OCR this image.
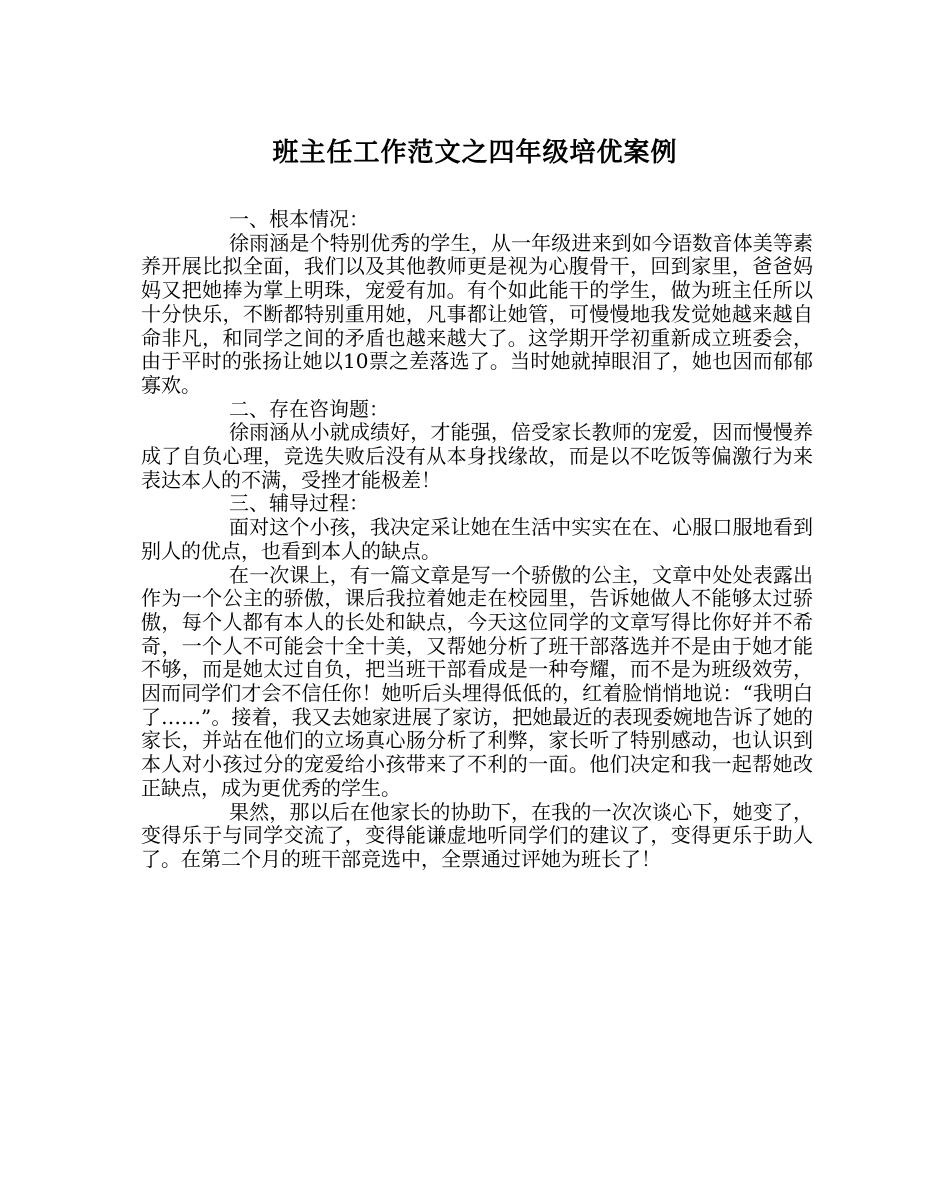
班主任工作范文之四年级培优案例

一、根本情况：

徐雨涵是个特别优秀的学生，从一年级进来到如今语数音体美等素养开展比拟全面，我们以及其他教师更是视为心腹骨干，回到家里，爸爸妈妈又把她捧为掌上明珠，宠爱有加。有个如此能干的学生，做为班主任所以十分快乐，不断都特别重用她，凡事都让她管，可慢慢地我发觉她越来越自命非凡，和同学之间的矛盾也越来越大了。这学期开学初重新成立班委会，由于平时的张扬让她以10票之差落选了。当时她就掉眼泪了，她也因而郁郁寡欢。

二、存在咨询题：

徐雨涵从小就成绩好，才能强，倍受家长教师的宠爱，因而慢慢养成了自负心理，竞选失败后没有从本身找缘故，而是以不吃饭等偏激行为来表达本人的不满，受挫才能极差！

三、辅导过程：

面对这个小孩，我决定采让她在生活中实实在在、心服口服地看到别人的优点，也看到本人的缺点。

在一次课上，有一篇文章是写一个骄傲的公主，文章中处处表露出作为一个公主的骄傲，课后我拉着她走在校园里，告诉她做人不能够太过骄傲，每个人都有本人的长处和缺点，今天这位同学的文章写得比你好并不希奇，一个人不可能会十全十美，又帮她分析了班干部落选并不是由于她才能不够，而是她太过自负，把当班干部看成是一种夸耀，而不是为班级效劳，因而同学们才会不信任你！她听后头埋得低低的，红着脸悄悄地说：“我明白了……”。接着，我又去她家进展了家访，把她最近的表现委婉地告诉了她的家长，并站在他们的立场真心肠分析了利弊，家长听了特别感动，也认识到本人对小孩过分的宠爱给小孩带来了不利的一面。他们决定和我一起帮她改正缺点，成为更优秀的学生。

果然，那以后在他家长的协助下，在我的一次次谈心下，她变了，变得乐于与同学交流了，变得能谦虚地听同学们的建议了，变得更乐于助人了。在第二个月的班干部竞选中，全票通过评她为班长了！
